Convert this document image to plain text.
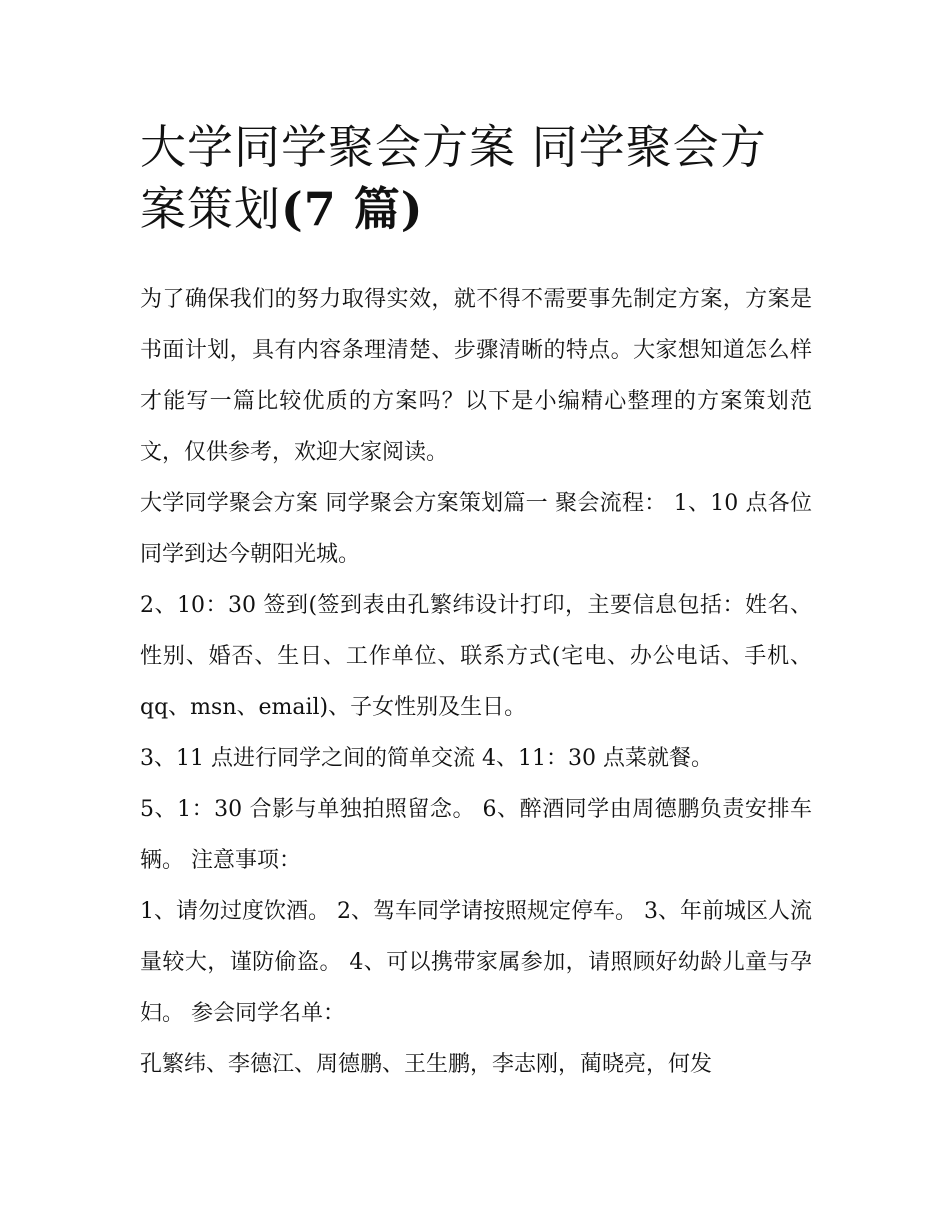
大学同学聚会方案 同学聚会方案策划(7 篇)

为了确保我们的努力取得实效，就不得不需要事先制定方案，方案是书面计划，具有内容条理清楚、步骤清晰的特点。大家想知道怎么样才能写一篇比较优质的方案吗？以下是小编精心整理的方案策划范文，仅供参考，欢迎大家阅读。

大学同学聚会方案 同学聚会方案策划篇一 聚会流程： 1、10 点各位同学到达今朝阳光城。

2、10：30 签到(签到表由孔繁纬设计打印，主要信息包括：姓名、性别、婚否、生日、工作单位、联系方式(宅电、办公电话、手机、qq、msn、email)、子女性别及生日。

3、11 点进行同学之间的简单交流 4、11：30 点菜就餐。

5、1：30 合影与单独拍照留念。 6、醉酒同学由周德鹏负责安排车辆。 注意事项：

1、请勿过度饮酒。 2、驾车同学请按照规定停车。 3、年前城区人流量较大，谨防偷盗。 4、可以携带家属参加，请照顾好幼龄儿童与孕妇。 参会同学名单：

孔繁纬、李德江、周德鹏、王生鹏，李志刚，蔺晓亮，何发
